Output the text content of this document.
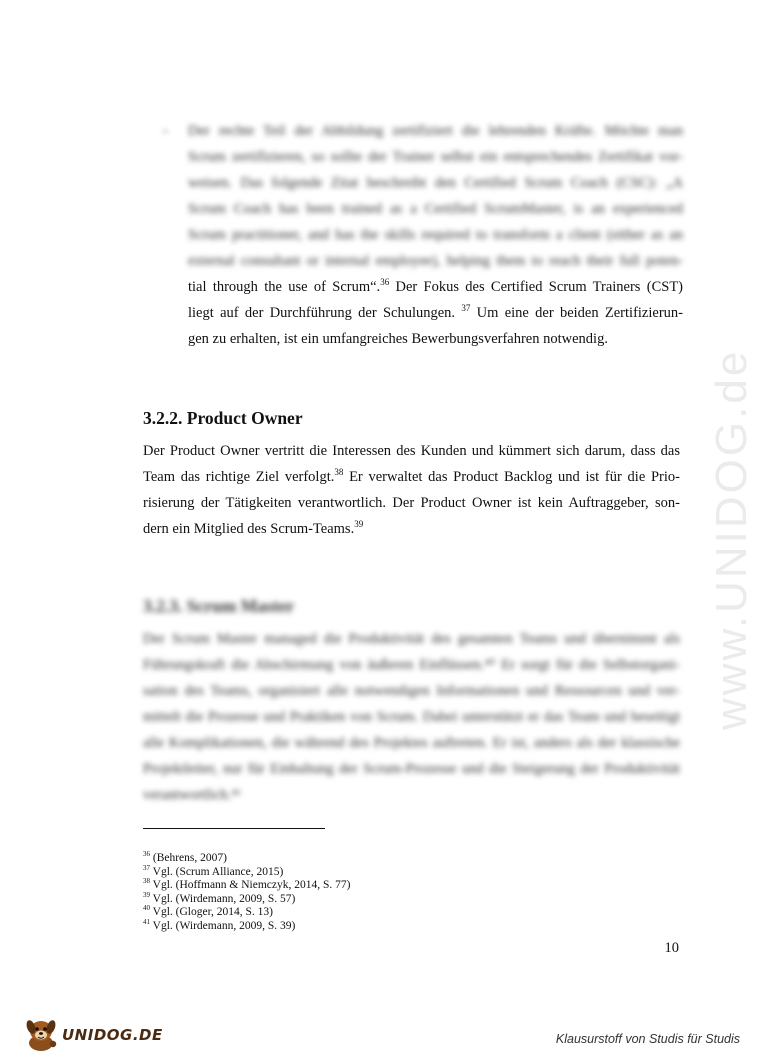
www.UNIDOG.de
- Der rechte Teil der Abbildung zertifiziert die lehrenden Kräfte. Möchte man
Scrum zertifizieren, so sollte der Trainer selbst ein entsprechendes Zertifikat vor-
weisen. Das folgende Zitat beschreibt den Certified Scrum Coach (CSC): „A
Scrum Coach has been trained as a Certified ScrumMaster, is an experienced
Scrum practitioner, and has the skills required to transform a client (either as an
external consultant or internal employee), helping them to reach their full poten-
tial through the use of Scrum“.$^{36}$ Der Fokus des Certified Scrum Trainers (CST)
liegt auf der Durchführung der Schulungen. $^{37}$ Um eine der beiden Zertifizierun-
gen zu erhalten, ist ein umfangreiches Bewerbungsverfahren notwendig.
3.2.2. Product Owner
Der Product Owner vertritt die Interessen des Kunden und kümmert sich darum, dass das
Team das richtige Ziel verfolgt.$^{38}$ Er verwaltet das Product Backlog und ist für die Prio-
risierung der Tätigkeiten verantwortlich. Der Product Owner ist kein Auftraggeber, son-
dern ein Mitglied des Scrum-Teams.$^{39}$
3.2.3. Scrum Master
Der Scrum Master managed die Produktivität des gesamten Teams und übernimmt als
Führungskraft die Abschirmung von äußeren Einflüssen.⁴⁰ Er sorgt für die Selbstorgani-
sation des Teams, organisiert alle notwendigen Informationen und Ressourcen und ver-
mittelt die Prozesse und Praktiken von Scrum. Dabei unterstützt er das Team und beseitigt
alle Komplikationen, die während des Projektes auftreten. Er ist, anders als der klassische
Projektleiter, nur für Einhaltung der Scrum-Prozesse und die Steigerung der Produktivität
verantwortlich.⁴¹
$^{36}$ (Behrens, 2007)
$^{37}$ Vgl. (Scrum Alliance, 2015)
$^{38}$ Vgl. (Hoffmann & Niemczyk, 2014, S. 77)
$^{39}$ Vgl. (Wirdemann, 2009, S. 57)
$^{40}$ Vgl. (Gloger, 2014, S. 13)
$^{41}$ Vgl. (Wirdemann, 2009, S. 39)
10
UNIDOG.DE	Klausurstoff von Studis für Studis
